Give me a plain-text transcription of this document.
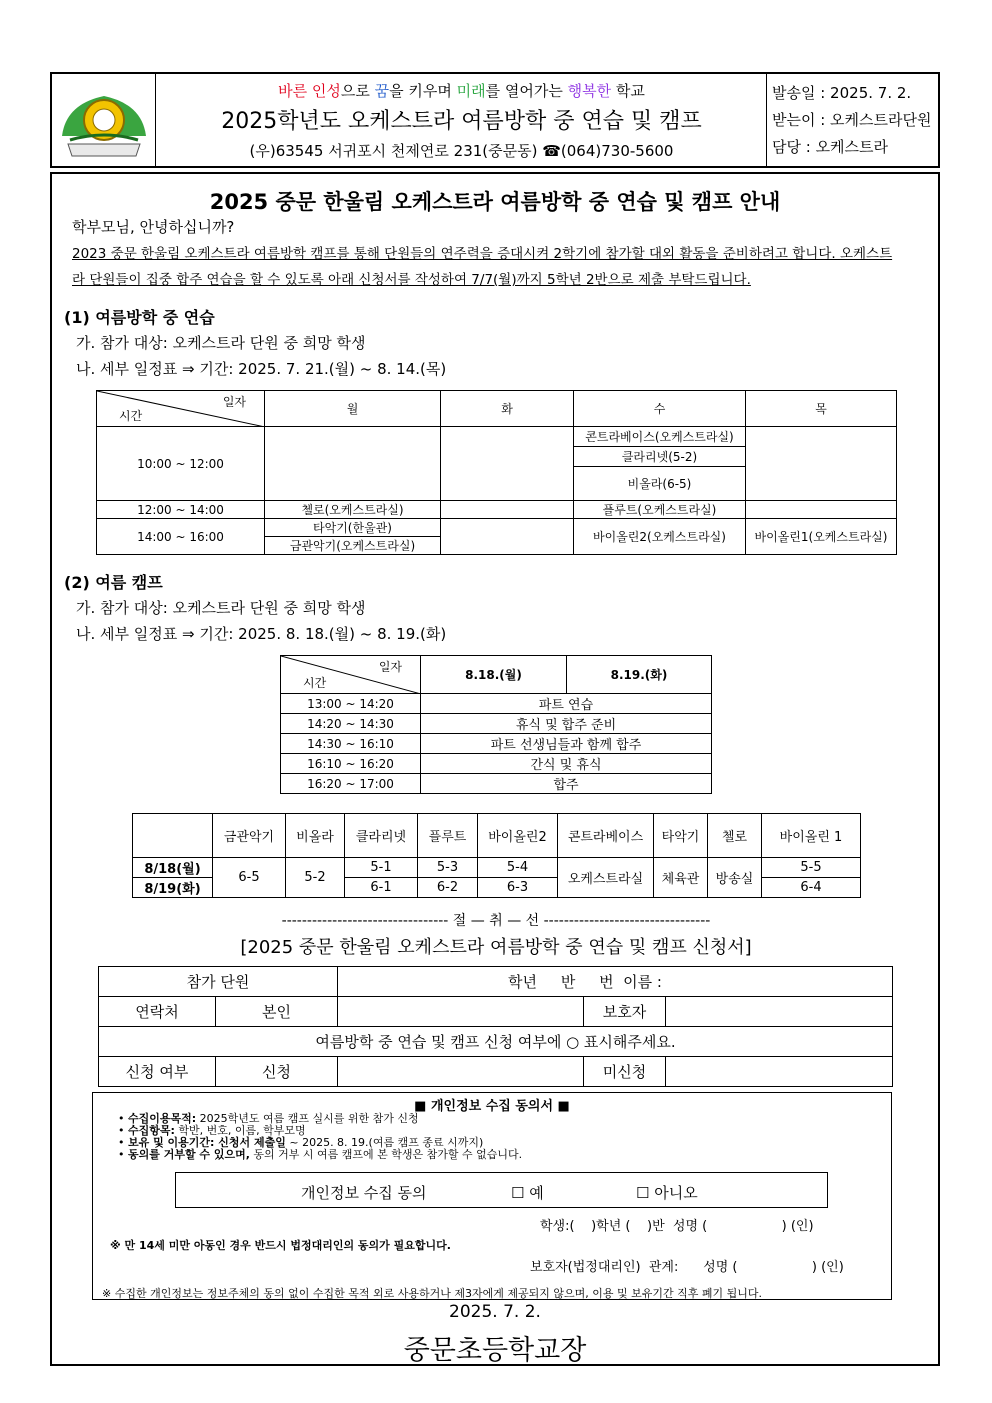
바른 인성으로 꿈을 키우며 미래를 열어가는 행복한 학교
2025학년도 오케스트라 여름방학 중 연습 및 캠프
(우)63545 서귀포시 천제연로 231(중문동) ☎(064)730-5600
발송일 : 2025. 7. 2.
받는이 : 오케스트라단원
담당 : 오케스트라
2025 중문 한울림 오케스트라 여름방학 중 연습 및 캠프 안내
학부모님, 안녕하십니까?
2023 중문 한울림 오케스트라 여름방학 캠프를 통해 단원들의 연주력을 증대시켜 2학기에 참가할 대외 활동을 준비하려고 합니다. 오케스트
라 단원들이 집중 합주 연습을 할 수 있도록 아래 신청서를 작성하여 7/7(월)까지 5학년 2반으로 제출 부탁드립니다.
(1) 여름방학 중 연습
가. 참가 대상: 오케스트라 단원 중 희망 학생
나. 세부 일정표 ⇒ 기간: 2025. 7. 21.(월) ~ 8. 14.(목)
일자
시간	월	화	수	목
10:00 ~ 12:00			콘트라베이스(오케스트라실)	
			클라리넷(5-2)	
			비올라(6-5)	
12:00 ~ 14:00	첼로(오케스트라실)		플루트(오케스트라실)	
14:00 ~ 16:00	타악기(한울관)		바이올린2(오케스트라실)	바이올린1(오케스트라실)
	금관악기(오케스트라실)			
(2) 여름 캠프
가. 참가 대상: 오케스트라 단원 중 희망 학생
나. 세부 일정표 ⇒ 기간: 2025. 8. 18.(월) ~ 8. 19.(화)
일자
시간	8.18.(월)	8.19.(화)
13:00 ~ 14:20	파트 연습	
14:20 ~ 14:30	휴식 및 합주 준비	
14:30 ~ 16:10	파트 선생님들과 함께 합주	
16:10 ~ 16:20	간식 및 휴식	
16:20 ~ 17:00	합주	
	금관악기	비올라	클라리넷	플루트	바이올린2	콘트라베이스	타악기	첼로	바이올린 1
8/18(월)	6-5	5-2	5-1	5-3	5-4	오케스트라실	체육관	방송실	5-5
8/19(화)			6-1	6-2	6-3				6-4
--------------------------------- 절 — 취 — 선 ---------------------------------
[2025 중문 한울림 오케스트라 여름방학 중 연습 및 캠프 신청서]
참가 단원		학년     반     번  이름 :		
연락처	본인		보호자	
여름방학 중 연습 및 캠프 신청 여부에 ○ 표시해주세요.				
신청 여부	신청		미신청	
■ 개인정보 수집 동의서 ■
• 수집이용목적: 2025학년도 여름 캠프 실시를 위한 참가 신청
• 수집항목: 학반, 번호, 이름, 학부모명
• 보유 및 이용기간: 신청서 제출일 ~ 2025. 8. 19.(여름 캠프 종료 시까지)
• 동의를 거부할 수 있으며, 동의 거부 시 여름 캠프에 본 학생은 참가할 수 없습니다.
개인정보 수집 동의	☐ 예	☐ 아니오
학생:(    )학년 (    )반  성명 (                  ) (인)
※ 만 14세 미만 아동인 경우 반드시 법정대리인의 동의가 필요합니다.
보호자(법정대리인)  관계:      성명 (                  ) (인)
※ 수집한 개인정보는 정보주체의 동의 없이 수집한 목적 외로 사용하거나 제3자에게 제공되지 않으며, 이용 및 보유기간 직후 폐기 됩니다.
2025. 7. 2.
중문초등학교장
